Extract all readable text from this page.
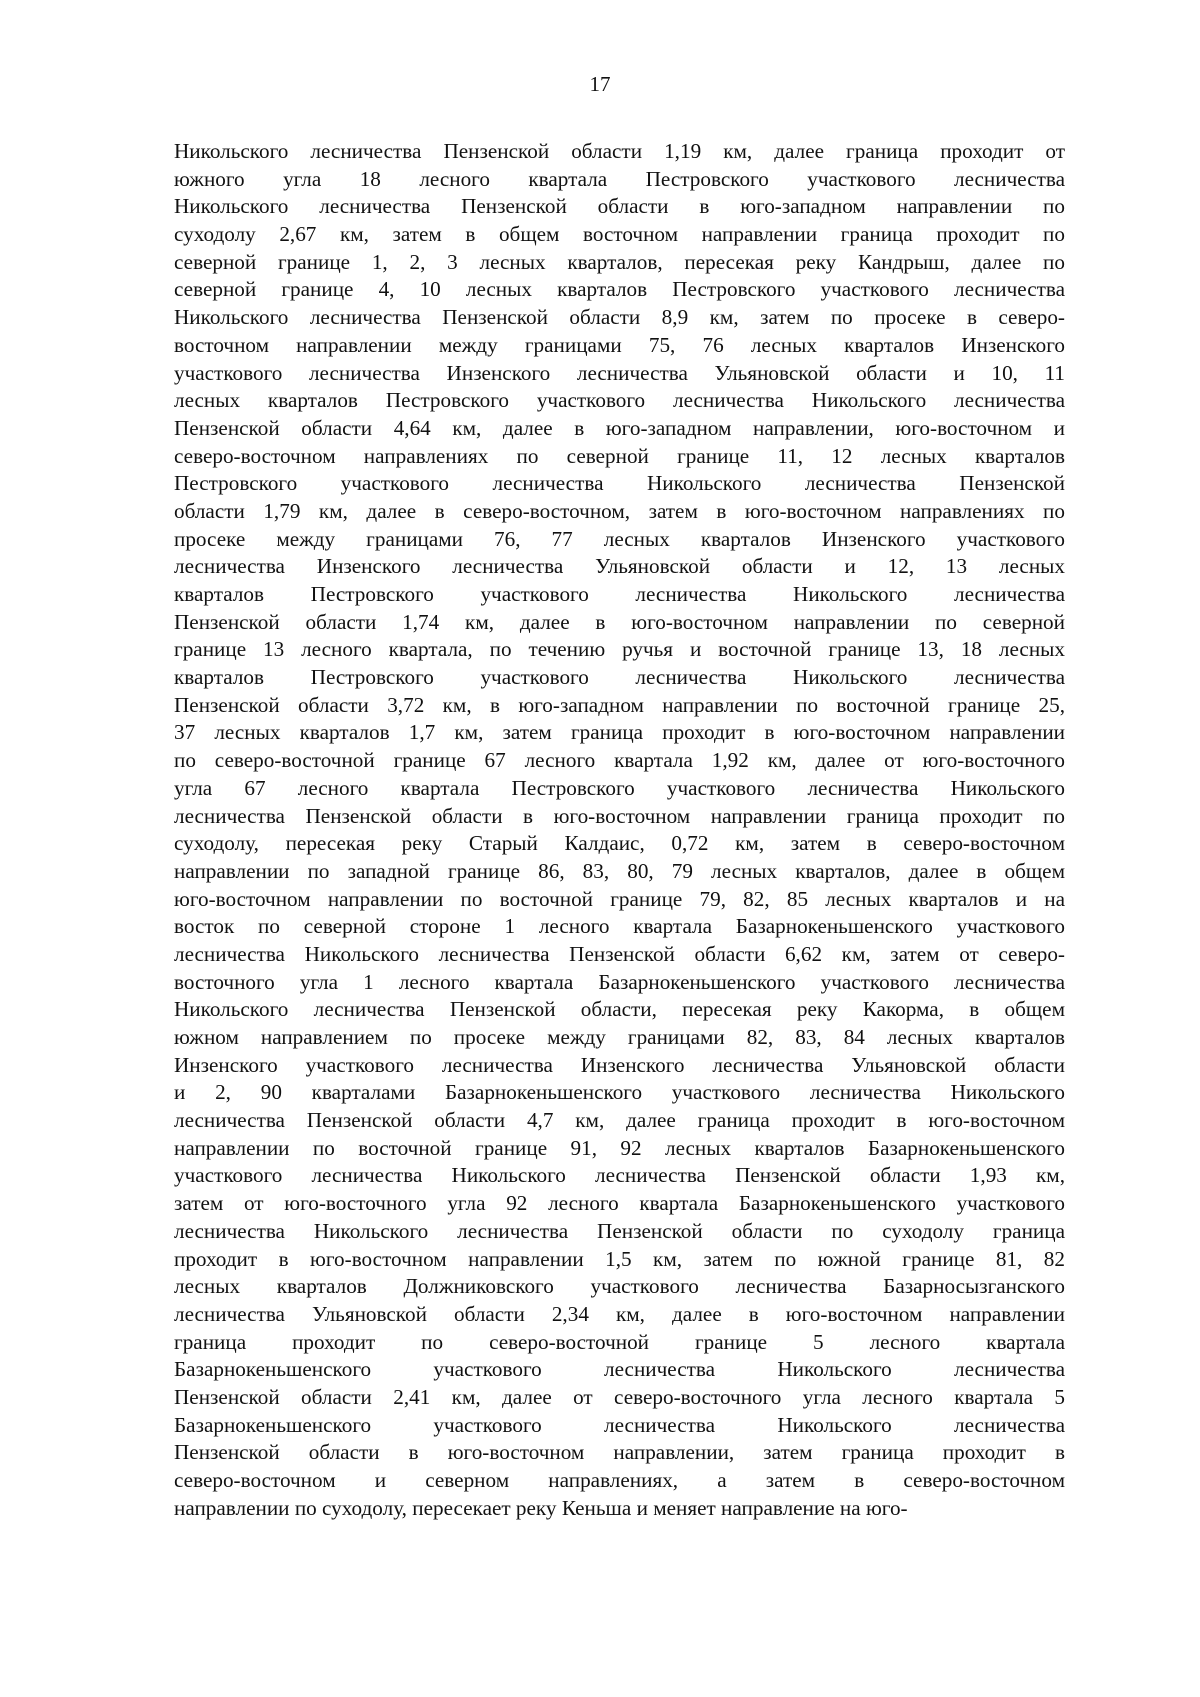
17
Никольского лесничества Пензенской области 1,19 км, далее граница проходит от
южного угла 18 лесного квартала Пестровского участкового лесничества
Никольского лесничества Пензенской области в юго-западном направлении по
суходолу 2,67 км, затем в общем восточном направлении граница проходит по
северной границе 1, 2, 3 лесных кварталов, пересекая реку Кандрыш, далее по
северной границе 4, 10 лесных кварталов Пестровского участкового лесничества
Никольского лесничества Пензенской области 8,9 км, затем по просеке в северо-
восточном направлении между границами 75, 76 лесных кварталов Инзенского
участкового лесничества Инзенского лесничества Ульяновской области и 10, 11
лесных кварталов Пестровского участкового лесничества Никольского лесничества
Пензенской области 4,64 км, далее в юго-западном направлении, юго-восточном и
северо-восточном направлениях по северной границе 11, 12 лесных кварталов
Пестровского участкового лесничества Никольского лесничества Пензенской
области 1,79 км, далее в северо-восточном, затем в юго-восточном направлениях по
просеке между границами 76, 77 лесных кварталов Инзенского участкового
лесничества Инзенского лесничества Ульяновской области и 12, 13 лесных
кварталов Пестровского участкового лесничества Никольского лесничества
Пензенской области 1,74 км, далее в юго-восточном направлении по северной
границе 13 лесного квартала, по течению ручья и восточной границе 13, 18 лесных
кварталов Пестровского участкового лесничества Никольского лесничества
Пензенской области 3,72 км, в юго-западном направлении по восточной границе 25,
37 лесных кварталов 1,7 км, затем граница проходит в юго-восточном направлении
по северо-восточной границе 67 лесного квартала 1,92 км, далее от юго-восточного
угла 67 лесного квартала Пестровского участкового лесничества Никольского
лесничества Пензенской области в юго-восточном направлении граница проходит по
суходолу, пересекая реку Старый Калдаис, 0,72 км, затем в северо-восточном
направлении по западной границе 86, 83, 80, 79 лесных кварталов, далее в общем
юго-восточном направлении по восточной границе 79, 82, 85 лесных кварталов и на
восток по северной стороне 1 лесного квартала Базарнокеньшенского участкового
лесничества Никольского лесничества Пензенской области 6,62 км, затем от северо-
восточного угла 1 лесного квартала Базарнокеньшенского участкового лесничества
Никольского лесничества Пензенской области, пересекая реку Какорма, в общем
южном направлением по просеке между границами 82, 83, 84 лесных кварталов
Инзенского участкового лесничества Инзенского лесничества Ульяновской области
и 2, 90 кварталами Базарнокеньшенского участкового лесничества Никольского
лесничества Пензенской области 4,7 км, далее граница проходит в юго-восточном
направлении по восточной границе 91, 92 лесных кварталов Базарнокеньшенского
участкового лесничества Никольского лесничества Пензенской области 1,93 км,
затем от юго-восточного угла 92 лесного квартала Базарнокеньшенского участкового
лесничества Никольского лесничества Пензенской области по суходолу граница
проходит в юго-восточном направлении 1,5 км, затем по южной границе 81, 82
лесных кварталов Должниковского участкового лесничества Базарносызганского
лесничества Ульяновской области 2,34 км, далее в юго-восточном направлении
граница проходит по северо-восточной границе 5 лесного квартала
Базарнокеньшенского участкового лесничества Никольского лесничества
Пензенской области 2,41 км, далее от северо-восточного угла лесного квартала 5
Базарнокеньшенского участкового лесничества Никольского лесничества
Пензенской области в юго-восточном направлении, затем граница проходит в
северо-восточном и северном направлениях, а затем в северо-восточном
направлении по суходолу, пересекает реку Кеньша и меняет направление на юго-
